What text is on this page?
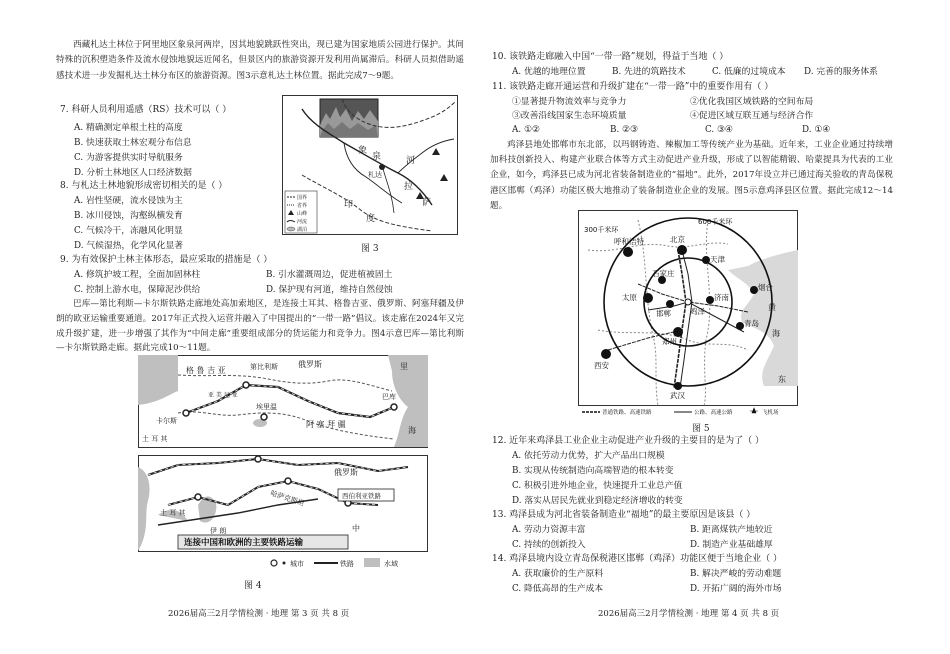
西藏札达土林位于阿里地区象泉河两岸，因其地貌跳跃性突出，现已建为国家地质公园进行保护。其间特殊的沉积塑造条件及流水侵蚀地貌远近闻名，但景区内的旅游资源开发利用尚属滞后。科研人员拟借助遥感技术进一步发掘札达土林分布区的旅游资源。图3示意札达土林位置。据此完成7～9题。
7. 科研人员利用遥感（RS）技术可以（ ）
A. 精确测定单根土柱的高度
B. 快速获取土林宏观分布信息
C. 为游客提供实时导航服务
D. 分析土林地区人口经济数据
8. 与札达土林地貌形成密切相关的是（ ）
A. 岩性坚硬，流水侵蚀为主
B. 冰川侵蚀，沟壑纵横发育
C. 气候冷干，冻融风化明显
D. 气候湿热，化学风化显著
9. 为有效保护土林主体形态，最应采取的措施是（ ）
A. 修筑护坡工程，全面加固林柱	B. 引水灌溉周边，促进植被固土
C. 控制上游水电，保障泥沙供给	D. 保护现有河道，维持自然侵蚀
巴库—第比利斯—卡尔斯铁路走廊地处高加索地区，是连接土耳其、格鲁吉亚、俄罗斯、阿塞拜疆及伊朗的欧亚运输重要通道。2017年正式投入运营并融入了中国提出的“一带一路”倡议。该走廊在2024年又完成升级扩建，进一步增强了其作为“中间走廊”重要组成部分的货运能力和竞争力。图4示意巴库—第比利斯—卡尔斯铁路走廊。据此完成10～11题。
国界
省界
山峰
河流
湖泊
象
泉	河
札达
印
度
拉
萨
图 3
格 鲁 吉 亚	第比利斯	俄罗斯
亚 美 尼 亚
卡尔斯
埃里温
巴库
阿 塞 拜 疆
里
海
土 耳 其
俄罗斯
哈萨克斯坦	西伯利亚铁路
中
土 耳 其
伊 朗
连接中国和欧洲的主要铁路运输
城市	铁路	水域
图 4
2026届高三2月学情检测 · 地理 第 3 页 共 8 页
10. 该铁路走廊融入中国“一带一路”规划，得益于当地（ ）
A. 优越的地理位置	B. 先进的筑路技术	C. 低廉的过境成本 D. 完善的服务体系
11. 该铁路走廊开通运营和升级扩建在“一带一路”中的重要作用有（ ）
①显著提升物流效率与竞争力	②优化我国区域铁路的空间布局
③改善沿线国家生态环境质量	④促进区域互联互通与经济合作
A. ①②	B. ②③	C. ③④	D. ①④
鸡泽县地处邯郸市东北部，以玛钢铸造、辣椒加工等传统产业为基础。近年来，工业企业通过持续增加科技创新投入、构建产业联合体等方式主动促进产业升级，形成了以智能精锻、哈蒙提具为代表的工业企业，如今，鸡泽县已成为河北省装备制造业的“福地”。此外，2017年设立并已通过海关验收的青岛保税港区邯郸（鸡泽）功能区极大地推动了装备制造业企业的发展。图5示意鸡泽县区位置。据此完成12～14题。
呼和浩特	北京
天津
石家庄
太原
邯郸	鸡泽
济南
烟台
郑州
青岛
西安
武汉
600千米环
300千米环
黄
海
东
普通铁路、高速铁路	公路、高速公路	飞机场
图 5
12. 近年来鸡泽县工业企业主动促进产业升级的主要目的是为了（ ）
A. 依托劳动力优势，扩大产品出口规模
B. 实现从传统制造向高端智造的根本转变
C. 积极引进外地企业，快速提升工业总产值
D. 落实从居民先就业到稳定经济增收的转变
13. 鸡泽县成为河北省装备制造业“福地”的最主要原因是该县（ ）
A. 劳动力资源丰富	B. 距离煤铁产地较近
C. 持续的创新投入	D. 制造产业基础雄厚
14. 鸡泽县境内设立青岛保税港区邯郸（鸡泽）功能区便于当地企业（ ）
A. 获取廉价的生产原料	B. 解决严峻的劳动难题
C. 降低高昂的生产成本	D. 开拓广阔的海外市场
2026届高三2月学情检测 · 地理 第 4 页 共 8 页
